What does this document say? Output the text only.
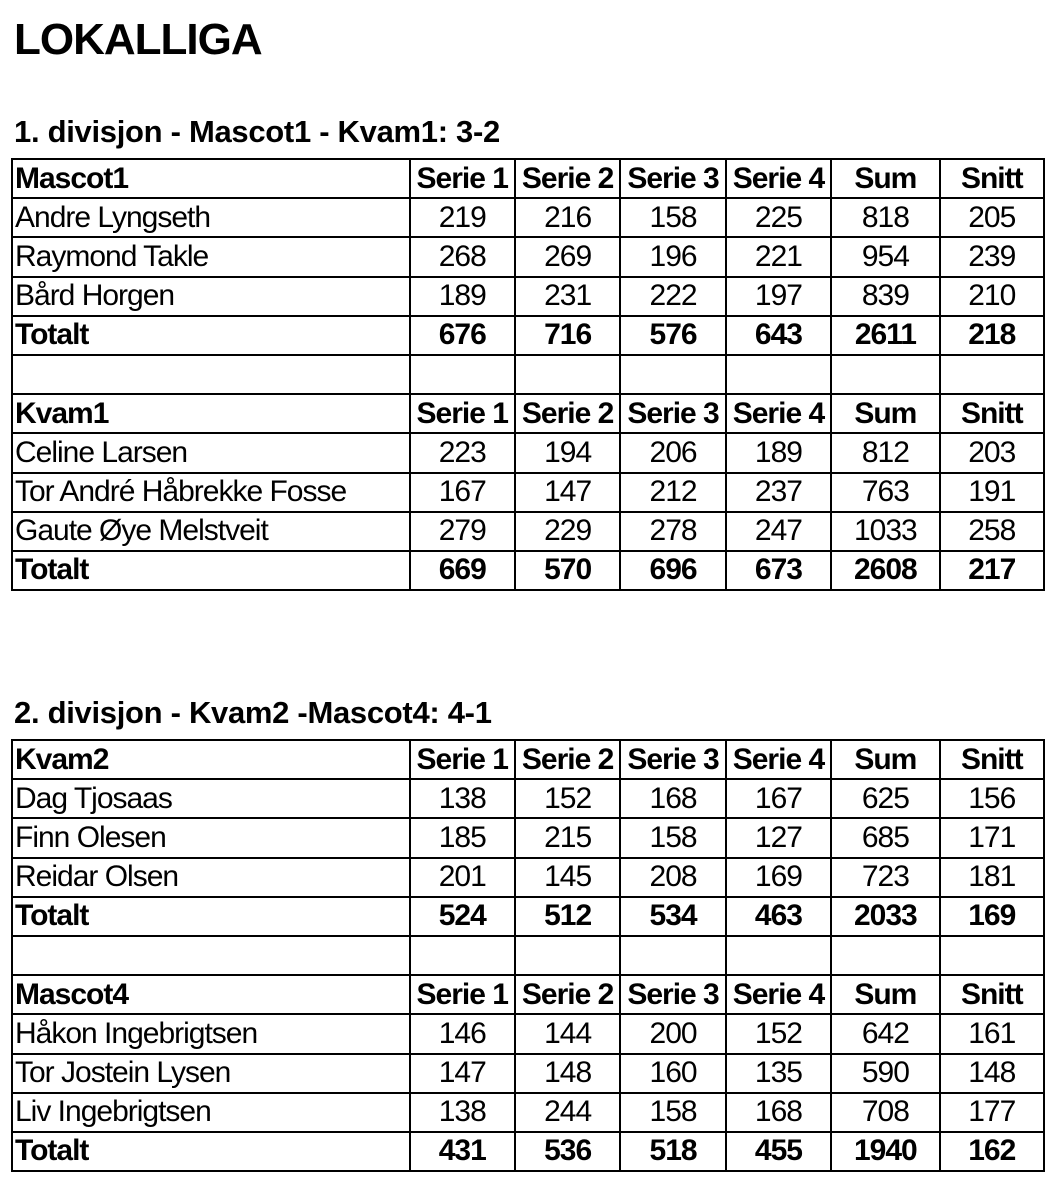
LOKALLIGA
1. divisjon - Mascot1 - Kvam1: 3-2
Mascot1	Serie 1	Serie 2	Serie 3	Serie 4	Sum	Snitt
Andre Lyngseth	219	216	158	225	818	205
Raymond Takle	268	269	196	221	954	239
Bård Horgen	189	231	222	197	839	210
Totalt	676	716	576	643	2611	218

Kvam1	Serie 1	Serie 2	Serie 3	Serie 4	Sum	Snitt
Celine Larsen	223	194	206	189	812	203
Tor André Håbrekke Fosse	167	147	212	237	763	191
Gaute Øye Melstveit	279	229	278	247	1033	258
Totalt	669	570	696	673	2608	217
2. divisjon - Kvam2 -Mascot4: 4-1
Kvam2	Serie 1	Serie 2	Serie 3	Serie 4	Sum	Snitt
Dag Tjosaas	138	152	168	167	625	156
Finn Olesen	185	215	158	127	685	171
Reidar Olsen	201	145	208	169	723	181
Totalt	524	512	534	463	2033	169

Mascot4	Serie 1	Serie 2	Serie 3	Serie 4	Sum	Snitt
Håkon Ingebrigtsen	146	144	200	152	642	161
Tor Jostein Lysen	147	148	160	135	590	148
Liv Ingebrigtsen	138	244	158	168	708	177
Totalt	431	536	518	455	1940	162
